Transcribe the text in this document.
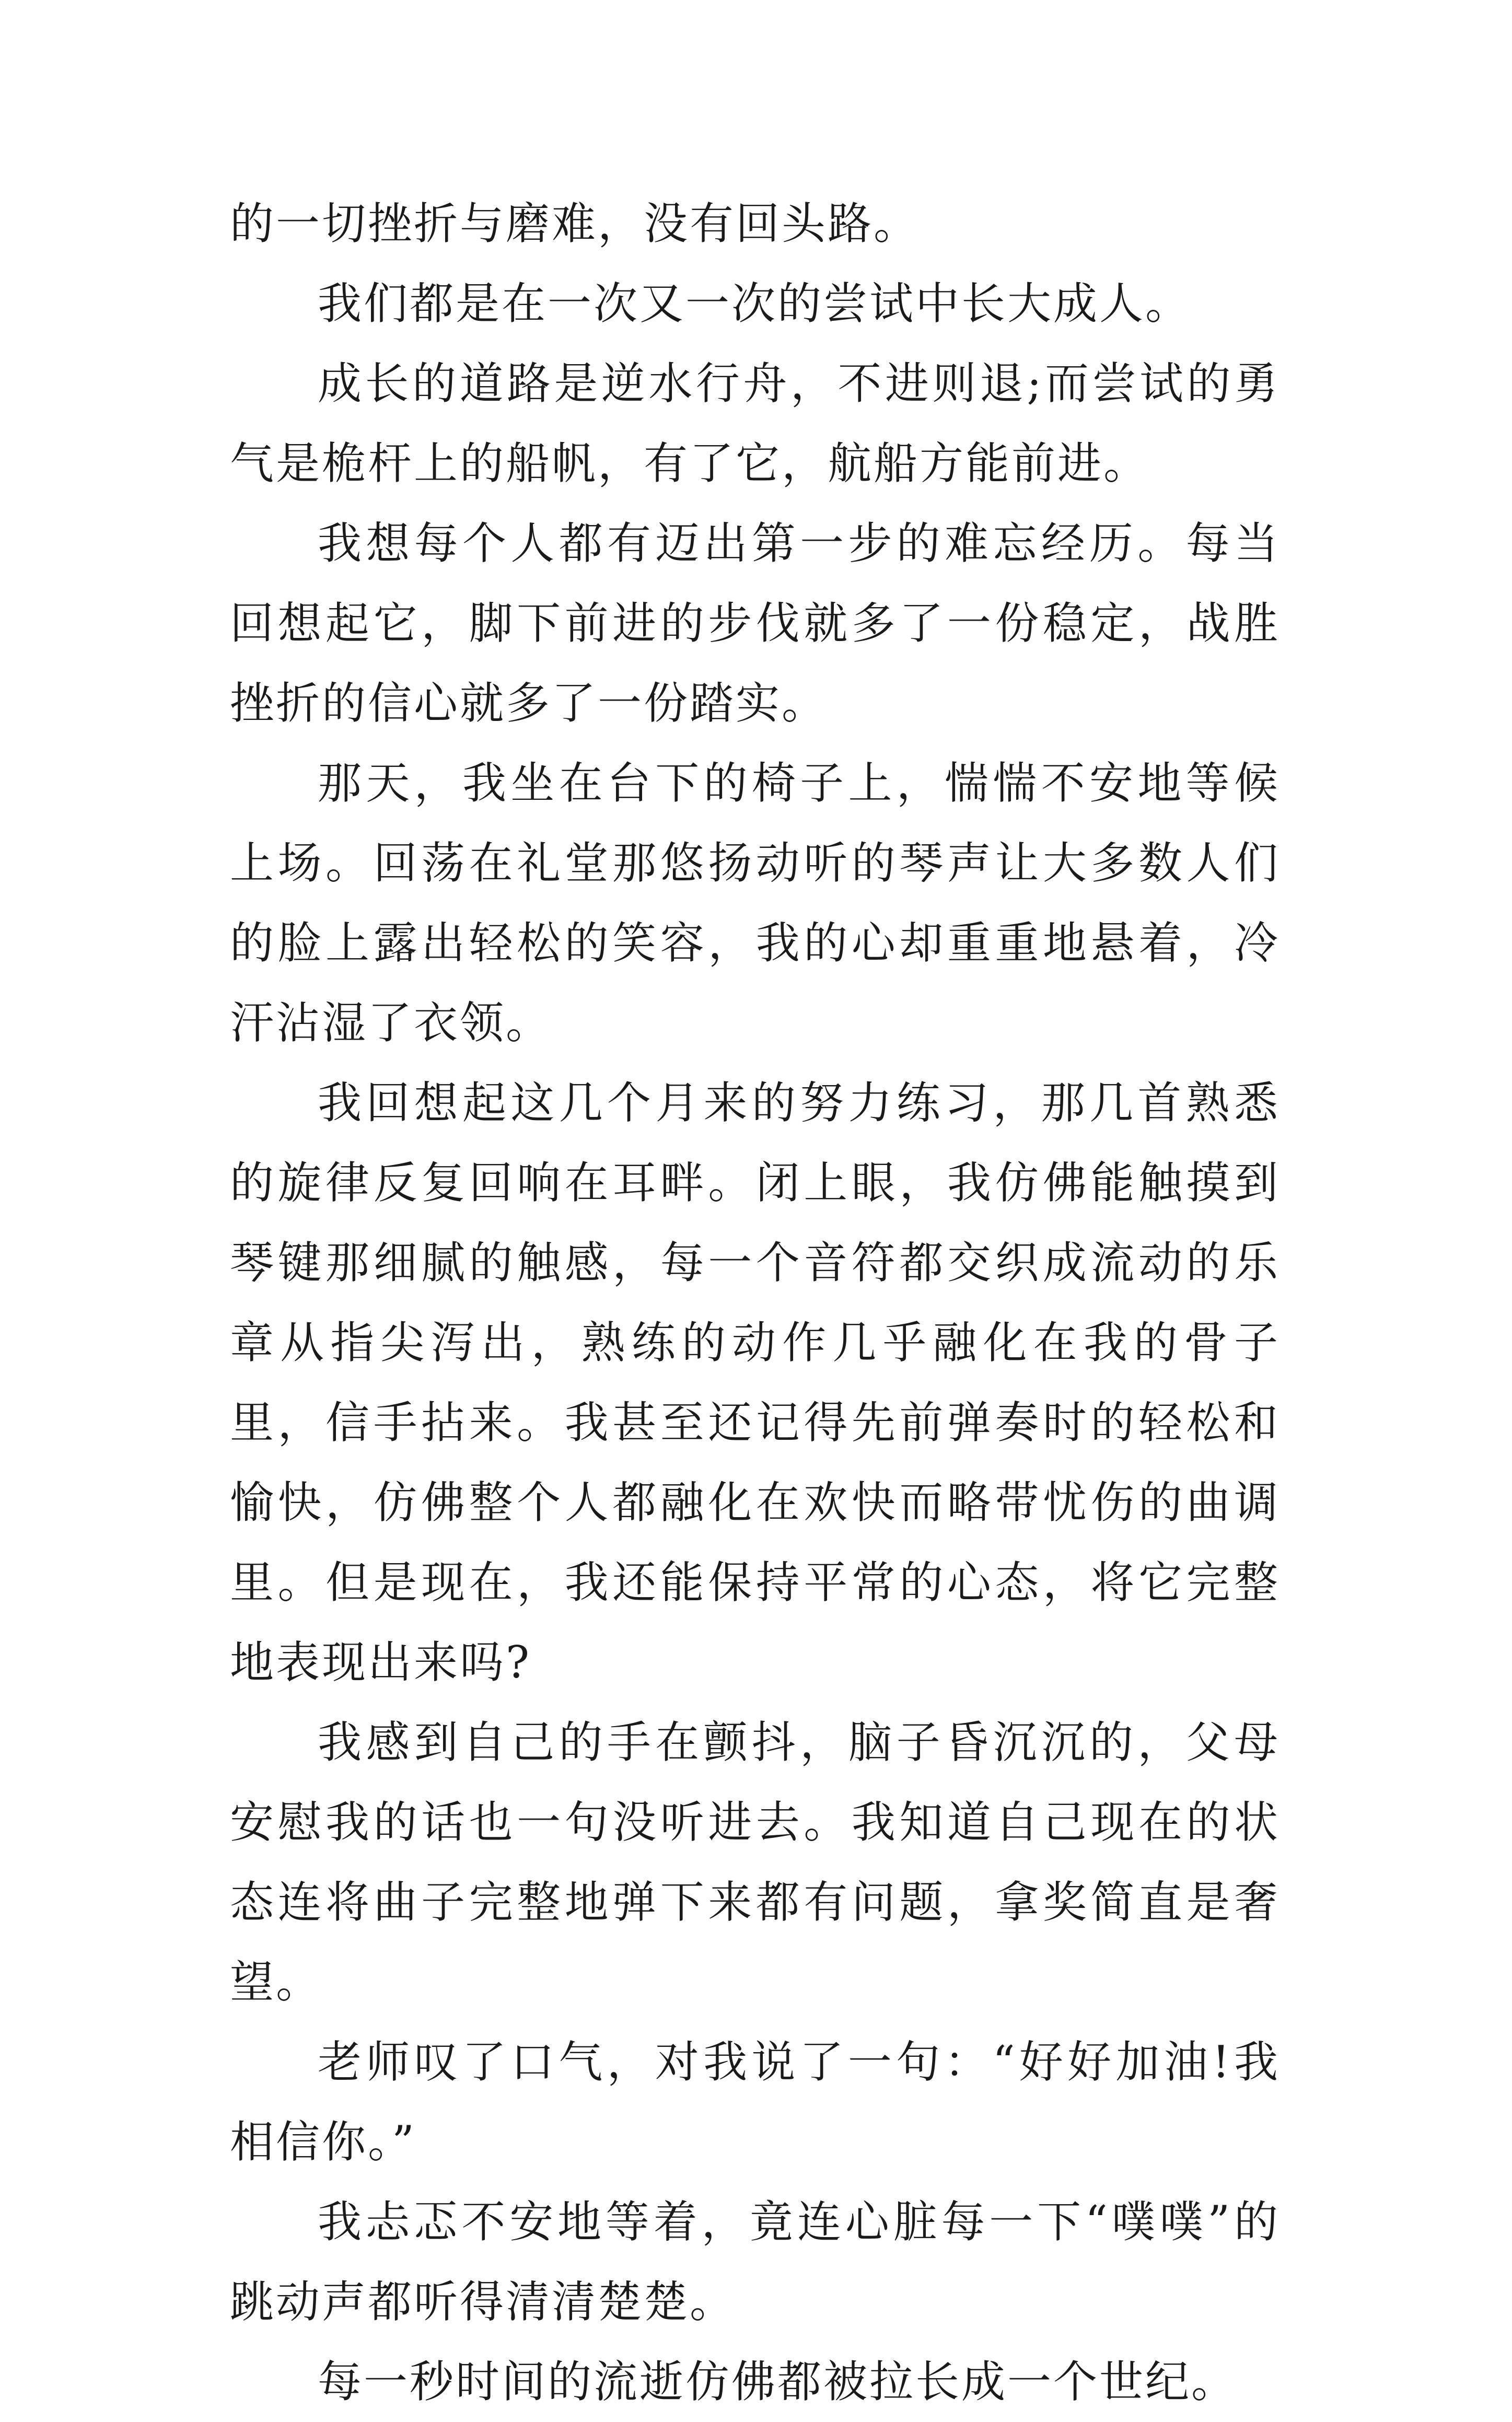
的一切挫折与磨难，没有回头路。

我们都是在一次又一次的尝试中长大成人。

成长的道路是逆水行舟，不进则退;而尝试的勇气是桅杆上的船帆，有了它，航船方能前进。

我想每个人都有迈出第一步的难忘经历。每当回想起它，脚下前进的步伐就多了一份稳定，战胜挫折的信心就多了一份踏实。

那天，我坐在台下的椅子上，惴惴不安地等候上场。回荡在礼堂那悠扬动听的琴声让大多数人们的脸上露出轻松的笑容，我的心却重重地悬着，冷汗沾湿了衣领。

我回想起这几个月来的努力练习，那几首熟悉的旋律反复回响在耳畔。闭上眼，我仿佛能触摸到琴键那细腻的触感，每一个音符都交织成流动的乐章从指尖泻出，熟练的动作几乎融化在我的骨子里，信手拈来。我甚至还记得先前弹奏时的轻松和愉快，仿佛整个人都融化在欢快而略带忧伤的曲调里。但是现在，我还能保持平常的心态，将它完整地表现出来吗?

我感到自己的手在颤抖，脑子昏沉沉的，父母安慰我的话也一句没听进去。我知道自己现在的状态连将曲子完整地弹下来都有问题，拿奖简直是奢望。

老师叹了口气，对我说了一句：“好好加油!我相信你。”

我忐忑不安地等着，竟连心脏每一下“噗噗”的跳动声都听得清清楚楚。

每一秒时间的流逝仿佛都被拉长成一个世纪。
